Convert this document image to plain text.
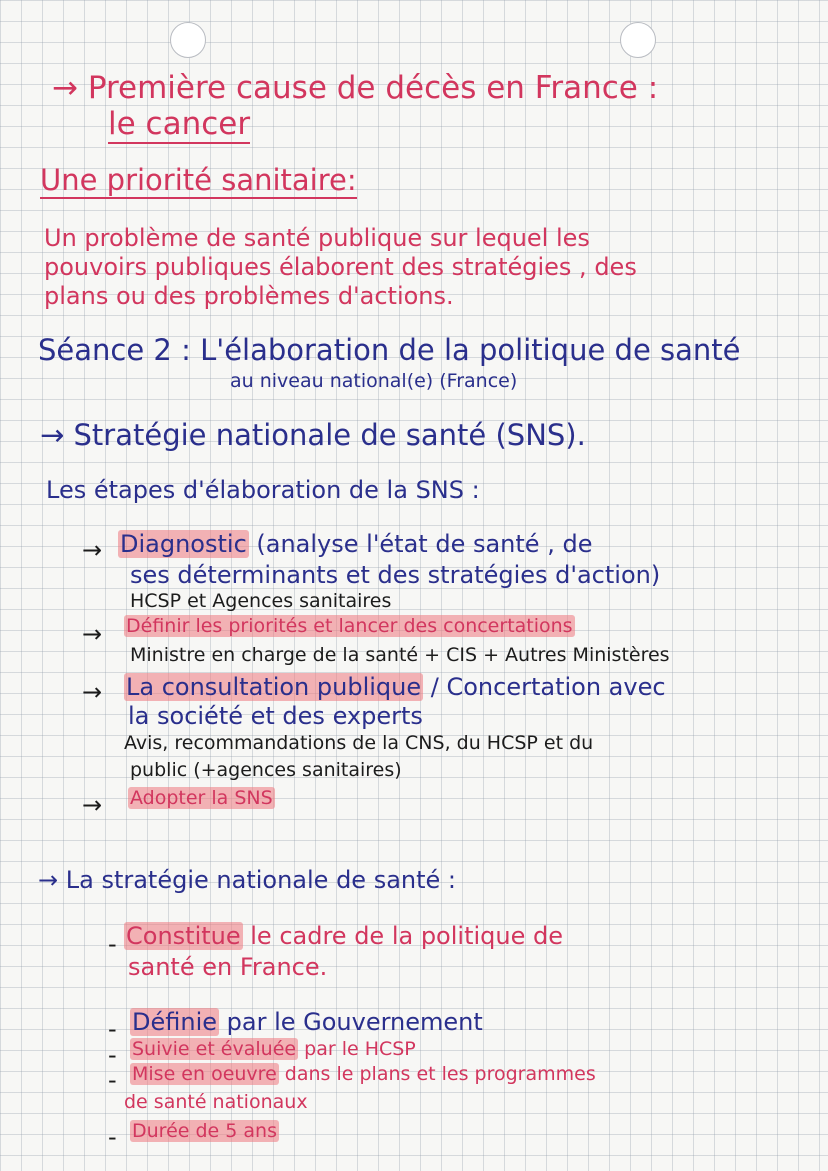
→ Première cause de décès en France :
le cancer
Une priorité sanitaire:
Un problème de santé publique sur lequel les
pouvoirs publiques élaborent des stratégies , des
plans ou des problèmes d'actions.
Séance 2 : L'élaboration de la politique de santé
au niveau national(e) (France)
→ Stratégie nationale de santé (SNS).
Les étapes d'élaboration de la SNS :
→ Diagnostic (analyse l'état de santé , de
ses déterminants et des stratégies d'action)
HCSP et Agences sanitaires
→ Définir les priorités et lancer des concertations
Ministre en charge de la santé + CIS + Autres Ministères
→ La consultation publique / Concertation avec
la société et des experts
Avis, recommandations de la CNS, du HCSP et du
public (+agences sanitaires)
→ Adopter la SNS
→ La stratégie nationale de santé :
- Constitue le cadre de la politique de
santé en France.
- Définie par le Gouvernement
- Suivie et évaluée par le HCSP
- Mise en oeuvre dans le plans et les programmes
de santé nationaux
- Durée de 5 ans
